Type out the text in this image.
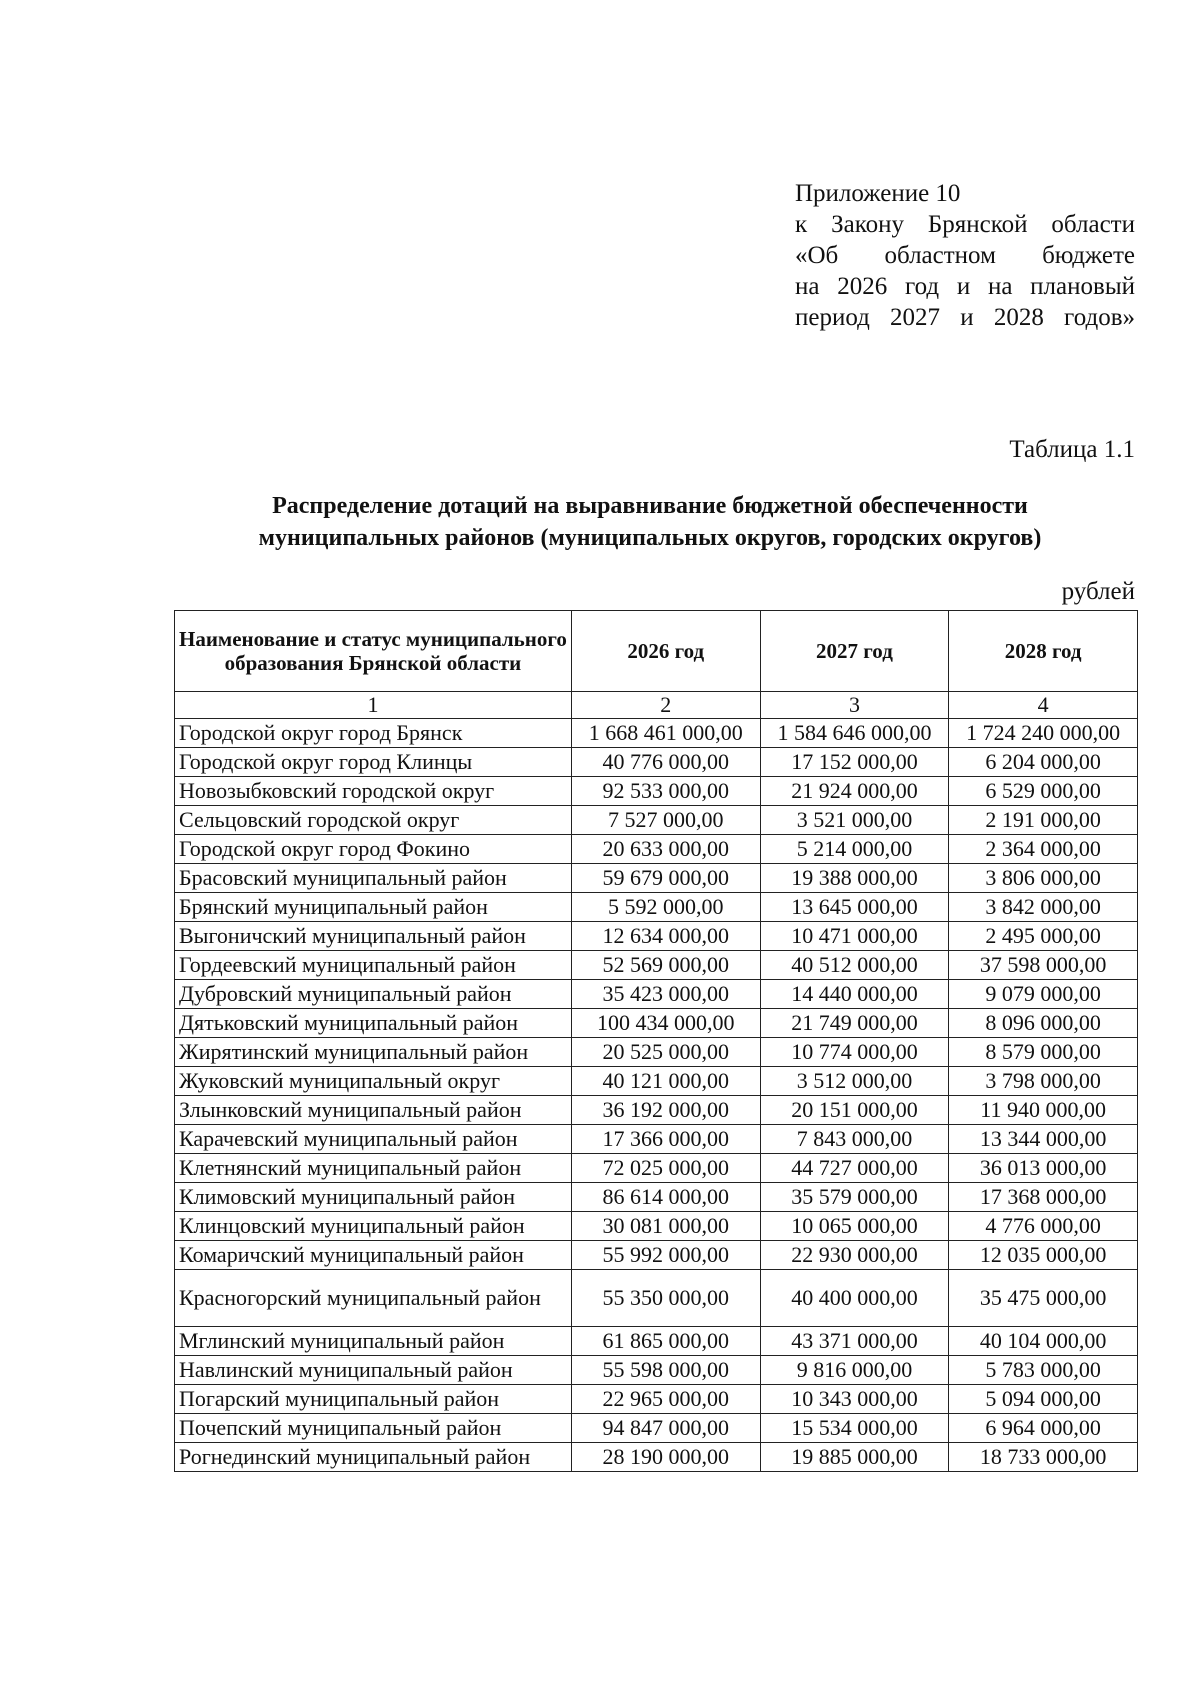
Приложение 10
к Закону Брянской области
«Об областном бюджете
на 2026 год и на плановый
период 2027 и 2028 годов»
Таблица 1.1
Распределение дотаций на выравнивание бюджетной обеспеченности
муниципальных районов (муниципальных округов, городских округов)
рублей
Наименование и статус муниципального образования Брянской области	2026 год	2027 год	2028 год
1	2	3	4
Городской округ город Брянск	1 668 461 000,00	1 584 646 000,00	1 724 240 000,00
Городской округ город Клинцы	40 776 000,00	17 152 000,00	6 204 000,00
Новозыбковский городской округ	92 533 000,00	21 924 000,00	6 529 000,00
Сельцовский городской округ	7 527 000,00	3 521 000,00	2 191 000,00
Городской округ город Фокино	20 633 000,00	5 214 000,00	2 364 000,00
Брасовский муниципальный район	59 679 000,00	19 388 000,00	3 806 000,00
Брянский муниципальный район	5 592 000,00	13 645 000,00	3 842 000,00
Выгоничский муниципальный район	12 634 000,00	10 471 000,00	2 495 000,00
Гордеевский муниципальный район	52 569 000,00	40 512 000,00	37 598 000,00
Дубровский муниципальный район	35 423 000,00	14 440 000,00	9 079 000,00
Дятьковский муниципальный район	100 434 000,00	21 749 000,00	8 096 000,00
Жирятинский муниципальный район	20 525 000,00	10 774 000,00	8 579 000,00
Жуковский муниципальный округ	40 121 000,00	3 512 000,00	3 798 000,00
Злынковский муниципальный район	36 192 000,00	20 151 000,00	11 940 000,00
Карачевский муниципальный район	17 366 000,00	7 843 000,00	13 344 000,00
Клетнянский муниципальный район	72 025 000,00	44 727 000,00	36 013 000,00
Климовский муниципальный район	86 614 000,00	35 579 000,00	17 368 000,00
Клинцовский муниципальный район	30 081 000,00	10 065 000,00	4 776 000,00
Комаричский муниципальный район	55 992 000,00	22 930 000,00	12 035 000,00
Красногорский муниципальный район	55 350 000,00	40 400 000,00	35 475 000,00
Мглинский муниципальный район	61 865 000,00	43 371 000,00	40 104 000,00
Навлинский муниципальный район	55 598 000,00	9 816 000,00	5 783 000,00
Погарский муниципальный район	22 965 000,00	10 343 000,00	5 094 000,00
Почепский муниципальный район	94 847 000,00	15 534 000,00	6 964 000,00
Рогнединский муниципальный район	28 190 000,00	19 885 000,00	18 733 000,00
